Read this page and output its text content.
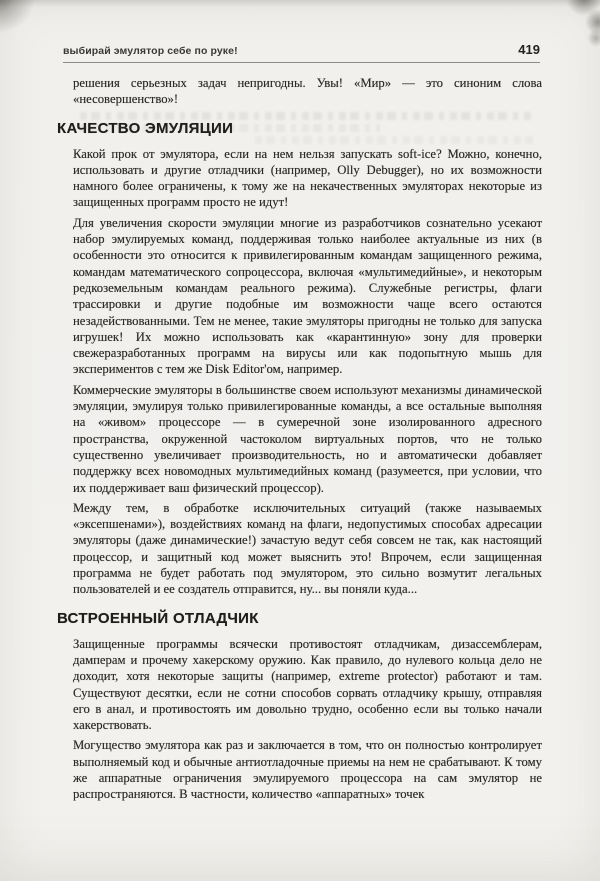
выбирай эмулятор себе по руке!	419

решения серьезных задач непригодны. Увы! «Мир» — это синоним слова «несовершенство»!

КАЧЕСТВО ЭМУЛЯЦИИ

Какой прок от эмулятора, если на нем нельзя запускать soft-ice? Можно, конечно, использовать и другие отладчики (например, Olly Debugger), но их возможности намного более ограничены, к тому же на некачественных эмуляторах некоторые из защищенных программ просто не идут!

Для увеличения скорости эмуляции многие из разработчиков сознательно усекают набор эмулируемых команд, поддерживая только наиболее актуальные из них (в особенности это относится к привилегированным командам защищенного режима, командам математического сопроцессора, включая «мультимедийные», и некоторым редкоземельным командам реального режима). Служебные регистры, флаги трассировки и другие подобные им возможности чаще всего остаются незадействованными. Тем не менее, такие эмуляторы пригодны не только для запуска игрушек! Их можно использовать как «карантинную» зону для проверки свежеразработанных программ на вирусы или как подопытную мышь для экспериментов с тем же Disk Editor'ом, например.

Коммерческие эмуляторы в большинстве своем используют механизмы динамической эмуляции, эмулируя только привилегированные команды, а все остальные выполняя на «живом» процессоре — в сумеречной зоне изолированного адресного пространства, окруженной частоколом виртуальных портов, что не только существенно увеличивает производительность, но и автоматически добавляет поддержку всех новомодных мультимедийных команд (разумеется, при условии, что их поддерживает ваш физический процессор).

Между тем, в обработке исключительных ситуаций (также называемых «эксепшенами»), воздействиях команд на флаги, недопустимых способах адресации эмуляторы (даже динамические!) зачастую ведут себя совсем не так, как настоящий процессор, и защитный код может выяснить это! Впрочем, если защищенная программа не будет работать под эмулятором, это сильно возмутит легальных пользователей и ее создатель отправится, ну... вы поняли куда...

ВСТРОЕННЫЙ ОТЛАДЧИК

Защищенные программы всячески противостоят отладчикам, дизассемблерам, дамперам и прочему хакерскому оружию. Как правило, до нулевого кольца дело не доходит, хотя некоторые защиты (например, extreme protector) работают и там. Существуют десятки, если не сотни способов сорвать отладчику крышу, отправляя его в анал, и противостоять им довольно трудно, особенно если вы только начали хакерствовать.

Могущество эмулятора как раз и заключается в том, что он полностью контролирует выполняемый код и обычные антиотладочные приемы на нем не срабатывают. К тому же аппаратные ограничения эмулируемого процессора на сам эмулятор не распространяются. В частности, количество «аппаратных» точек
